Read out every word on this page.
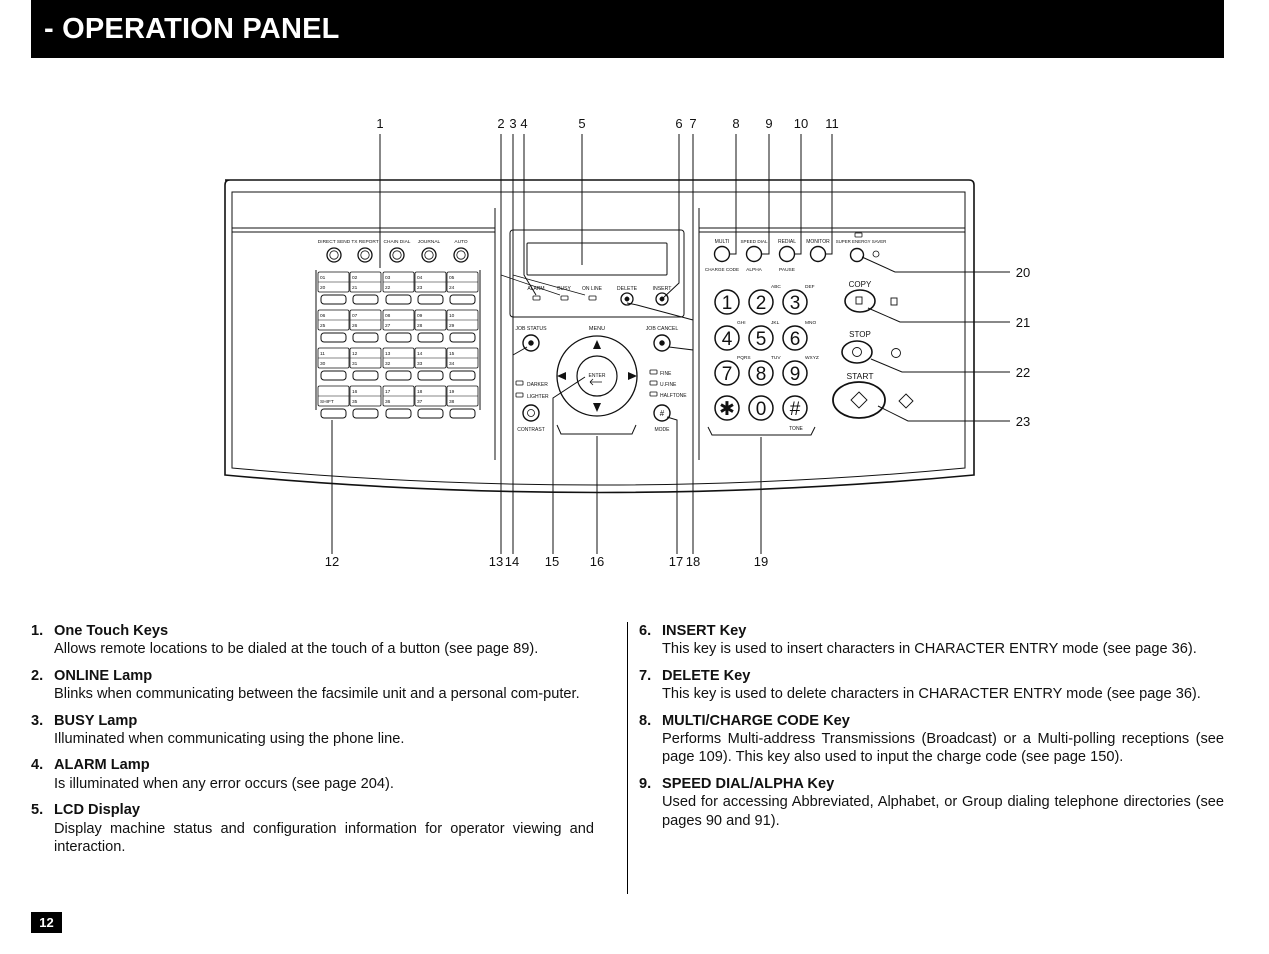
- OPERATION PANEL
DIRECT SEND TX REPORT CHAIN DIAL JOURNAL	AUTO
01
20
02
21
03
22
04
23
05
24
06
25
07
26
08
27
09
28
10
29
11
30
12
31
13
32
14
33
15
34
SHIFT
16
35
17
36
18
37
19
38
ALARM	BUSY ON LINE	DELETE	INSERT
JOB STATUS	MENU	JOB CANCEL
ENTER
DARKER
LIGHTER
CONTRAST
FINE
U.FINE
HALFTONE
#
MODE
MULTI
CHARGE CODE
SPEED DIAL
ALPHA
REDIAL
PAUSE
MONITOR SUPER ENERGY SAVER
1 2
ABC
3
DEF
4
GHI
5
JKL
6
MNO
7
PQRS
8
TUV
9
WXYZ
✱ 0 #
TONE
COPY
STOP
START
1	2 3 4	5	6 7	8 9 10 11
20
21
22
23
12	13 14 15 16	17 18	19
1. One Touch Keys
Allows remote locations to be dialed at the touch of a button (see page 89).
2. ONLINE Lamp
Blinks when communicating between the facsimile unit and a personal com-puter.
3. BUSY Lamp
Illuminated when communicating using the phone line.
4. ALARM Lamp
Is illuminated when any error occurs (see page 204).
5. LCD Display
Display machine status and configuration information for operator viewing and interaction.
6. INSERT Key
This key is used to insert characters in CHARACTER ENTRY mode (see page 36).
7. DELETE Key
This key is used to delete characters in CHARACTER ENTRY mode (see page 36).
8. MULTI/CHARGE CODE Key
Performs Multi-address Transmissions (Broadcast) or a Multi-polling receptions (see page 109). This key also used to input the charge code (see page 150).
9. SPEED DIAL/ALPHA Key
Used for accessing Abbreviated, Alphabet, or Group dialing telephone directories (see pages 90 and 91).
12
